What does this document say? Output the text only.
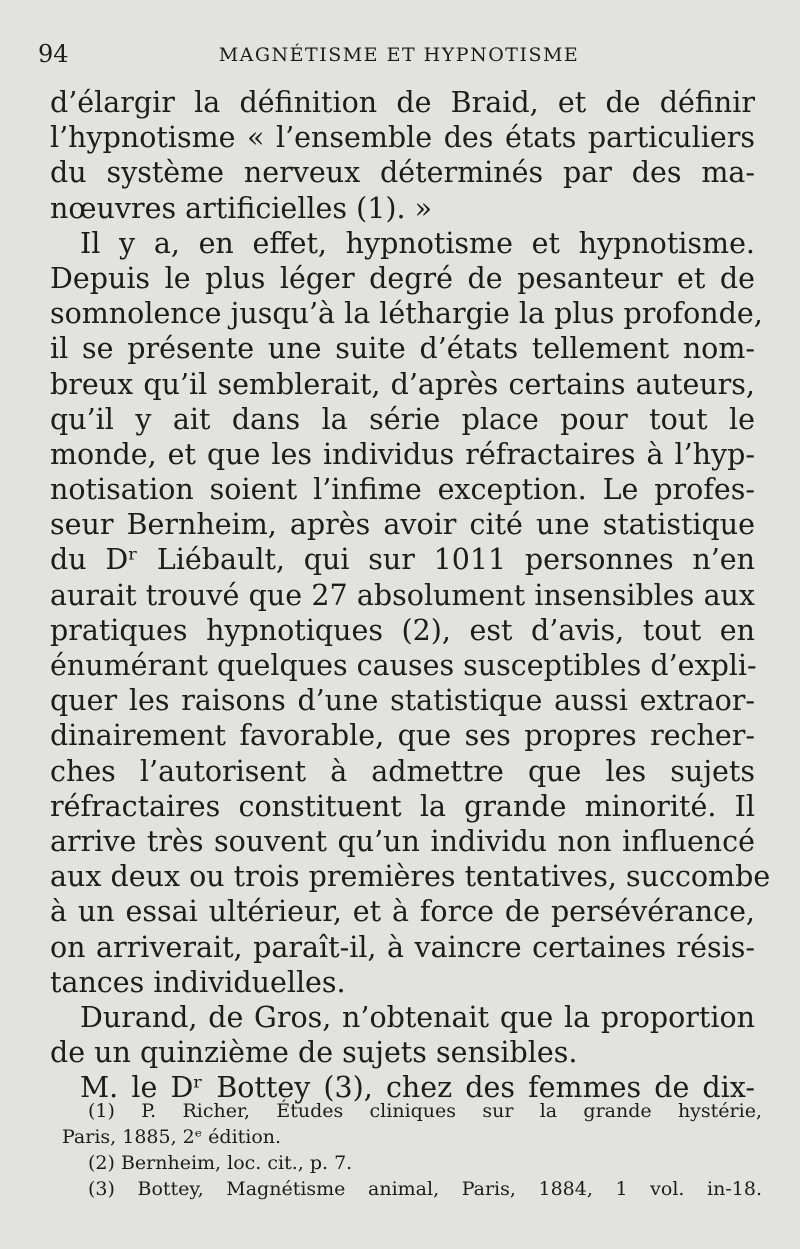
94	MAGNÉTISME ET HYPNOTISME
d’élargir la définition de Braid, et de définir
l’hypnotisme « l’ensemble des états particuliers
du système nerveux déterminés par des ma-
nœuvres artificielles (1). »
Il y a, en effet, hypnotisme et hypnotisme.
Depuis le plus léger degré de pesanteur et de
somnolence jusqu’à la léthargie la plus profonde,
il se présente une suite d’états tellement nom-
breux qu’il semblerait, d’après certains auteurs,
qu’il y ait dans la série place pour tout le
monde, et que les individus réfractaires à l’hyp-
notisation soient l’infime exception. Le profes-
seur Bernheim, après avoir cité une statistique
du Dʳ Liébault, qui sur 1011 personnes n’en
aurait trouvé que 27 absolument insensibles aux
pratiques hypnotiques (2), est d’avis, tout en
énumérant quelques causes susceptibles d’expli-
quer les raisons d’une statistique aussi extraor-
dinairement favorable, que ses propres recher-
ches l’autorisent à admettre que les sujets
réfractaires constituent la grande minorité. Il
arrive très souvent qu’un individu non influencé
aux deux ou trois premières tentatives, succombe
à un essai ultérieur, et à force de persévérance,
on arriverait, paraît-il, à vaincre certaines résis-
tances individuelles.
Durand, de Gros, n’obtenait que la proportion
de un quinzième de sujets sensibles.
M. le Dʳ Bottey (3), chez des femmes de dix-
(1) P. Richer, Études cliniques sur la grande hystérie,
Paris, 1885, 2ᵉ édition.
(2) Bernheim, loc. cit., p. 7.
(3) Bottey, Magnétisme animal, Paris, 1884, 1 vol. in-18.
